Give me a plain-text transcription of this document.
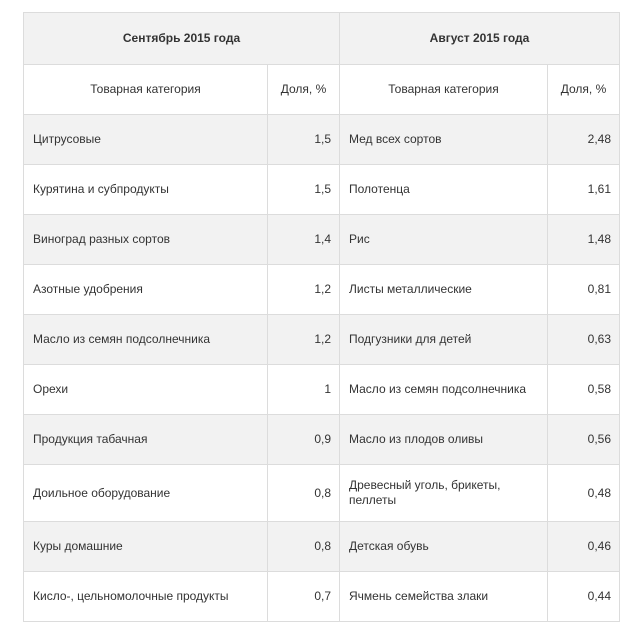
Сентябрь 2015 года		Август 2015 года	
Товарная категория	Доля, %	Товарная категория	Доля, %
Цитрусовые	1,5	Мед всех сортов	2,48
Курятина и субпродукты	1,5	Полотенца	1,61
Виноград разных сортов	1,4	Рис	1,48
Азотные удобрения	1,2	Листы металлические	0,81
Масло из семян подсолнечника	1,2	Подгузники для детей	0,63
Орехи	1	Масло из семян подсолнечника	0,58
Продукция табачная	0,9	Масло из плодов оливы	0,56
Доильное оборудование	0,8	Древесный уголь, брикеты, пеллеты	0,48
Куры домашние	0,8	Детская обувь	0,46
Кисло-, цельномолочные продукты	0,7	Ячмень семейства злаки	0,44
